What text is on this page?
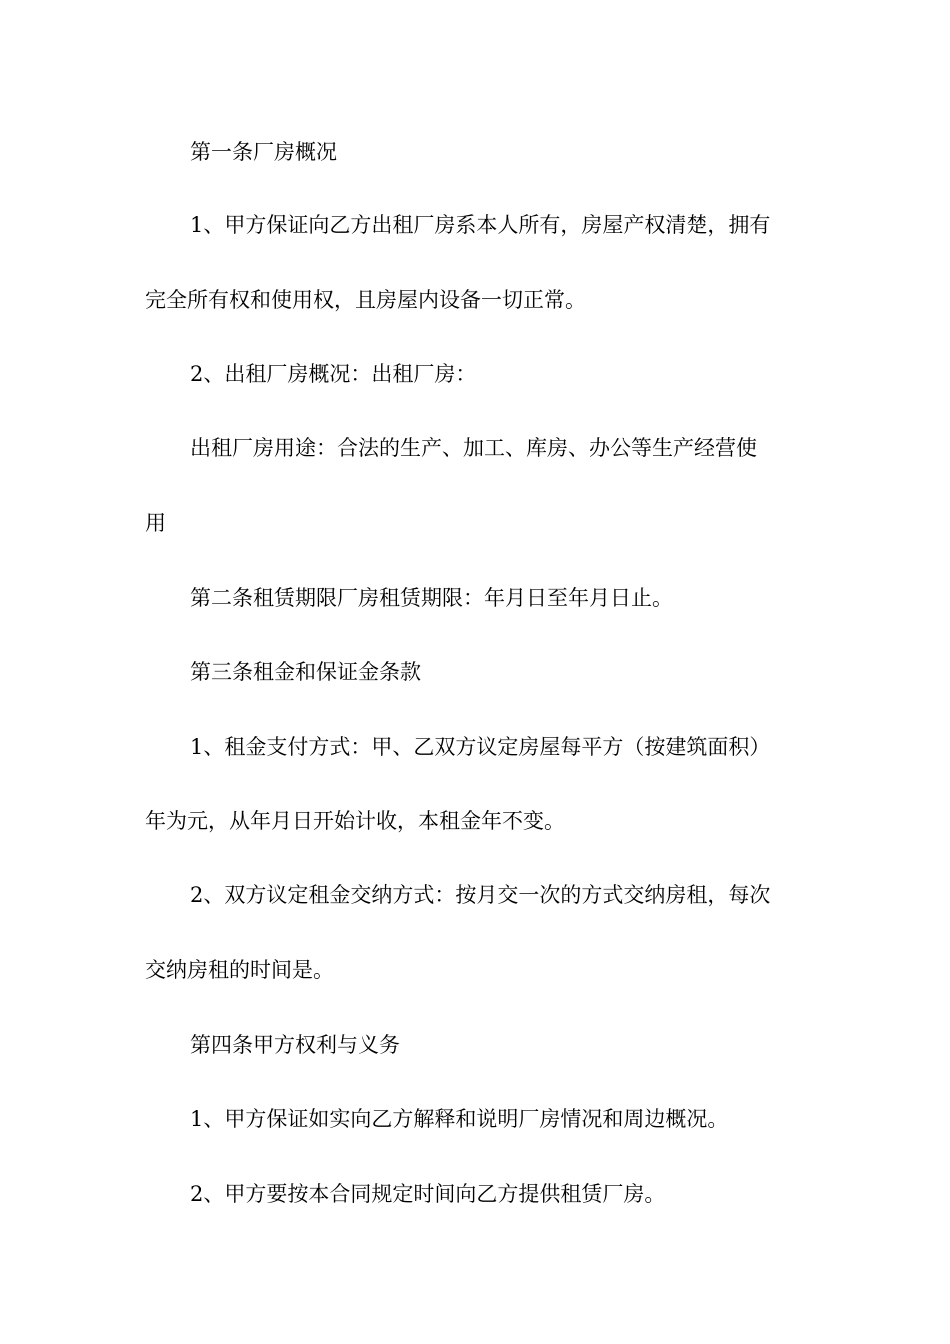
第一条厂房概况
1、甲方保证向乙方出租厂房系本人所有，房屋产权清楚，拥有
完全所有权和使用权，且房屋内设备一切正常。
2、出租厂房概况：出租厂房：
出租厂房用途：合法的生产、加工、库房、办公等生产经营使
用
第二条租赁期限厂房租赁期限：年月日至年月日止。
第三条租金和保证金条款
1、租金支付方式：甲、乙双方议定房屋每平方（按建筑面积）
年为元，从年月日开始计收，本租金年不变。
2、双方议定租金交纳方式：按月交一次的方式交纳房租，每次
交纳房租的时间是。
第四条甲方权利与义务
1、甲方保证如实向乙方解释和说明厂房情况和周边概况。
2、甲方要按本合同规定时间向乙方提供租赁厂房。
